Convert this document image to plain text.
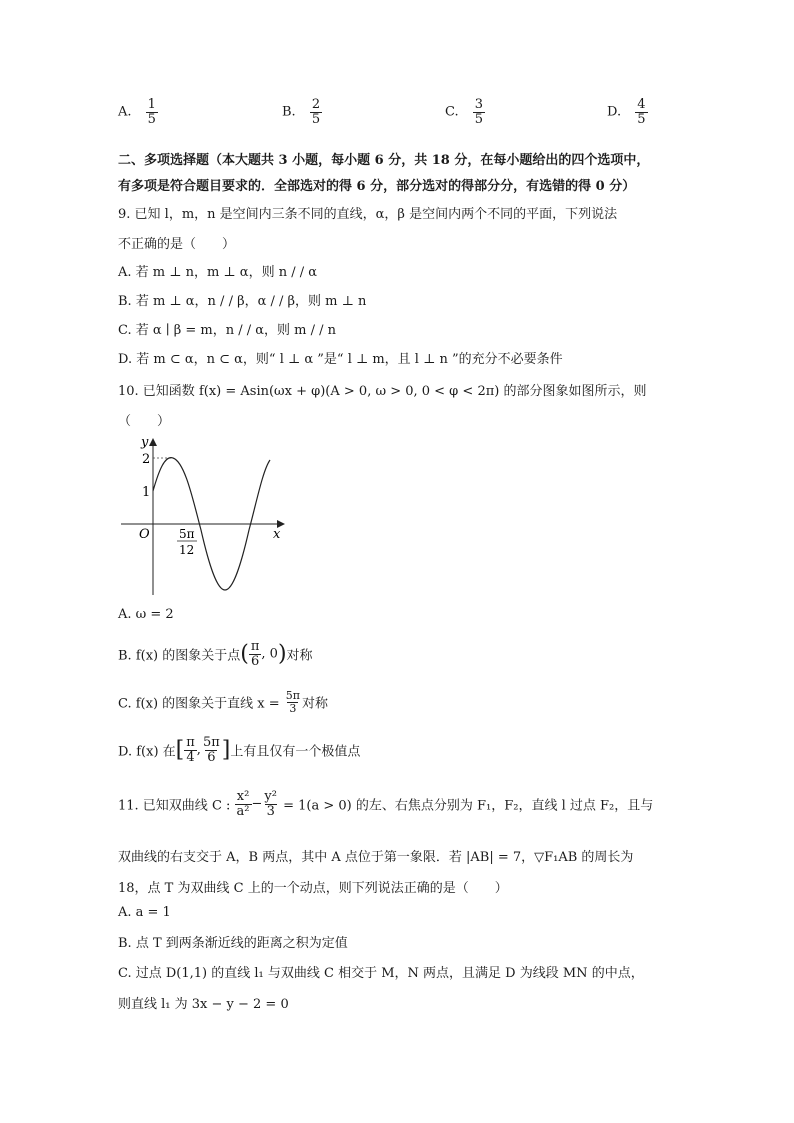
A. $\frac{1}{5}$	B. $\frac{2}{5}$	C. $\frac{3}{5}$	D. $\frac{4}{5}$
二、多项选择题（本大题共 3 小题，每小题 6 分，共 18 分，在每小题给出的四个选项中，
有多项是符合题目要求的．全部选对的得 6 分，部分选对的得部分分，有选错的得 0 分）
9. 已知 l，m，n 是空间内三条不同的直线，α，β 是空间内两个不同的平面，下列说法
不正确的是（　　）
A. 若 m ⊥ n，m ⊥ α，则 n / / α
B. 若 m ⊥ α，n / / β，α / / β，则 m ⊥ n
C. 若 α ∣ β = m，n / / α，则 m / / n
D. 若 m ⊂ α，n ⊂ α，则“ l ⊥ α ”是“ l ⊥ m，且 l ⊥ n ”的充分不必要条件
10. 已知函数 f(x) = Asin(ωx + φ)(A > 0, ω > 0, 0 < φ < 2π) 的部分图象如图所示，则
（　　）
y
x
O
2
1
5π
12
A. ω = 2
B. f(x) 的图象关于点( $\frac{\pi}{6}$ , 0)对称
C. f(x) 的图象关于直线 $x = \frac{5\pi}{3}$ 对称
D. f(x) 在[ $\frac{\pi}{4}$ , $\frac{5\pi}{6}$ ]上有且仅有一个极值点
11. 已知双曲线 C : $\frac{\text{x²}}{\text{a²}} - \frac{\text{y²}}{3} = 1(a > 0)$ 的左、右焦点分别为 F₁，F₂，直线 l 过点 F₂，且与
双曲线的右支交于 A，B 两点，其中 A 点位于第一象限．若 |AB| = 7，▽F₁AB 的周长为
18，点 T 为双曲线 C 上的一个动点，则下列说法正确的是（　　）
A. a = 1
B. 点 T 到两条渐近线的距离之积为定值
C. 过点 D(1,1) 的直线 l₁ 与双曲线 C 相交于 M，N 两点，且满足 D 为线段 MN 的中点，
则直线 l₁ 为 3x − y − 2 = 0
